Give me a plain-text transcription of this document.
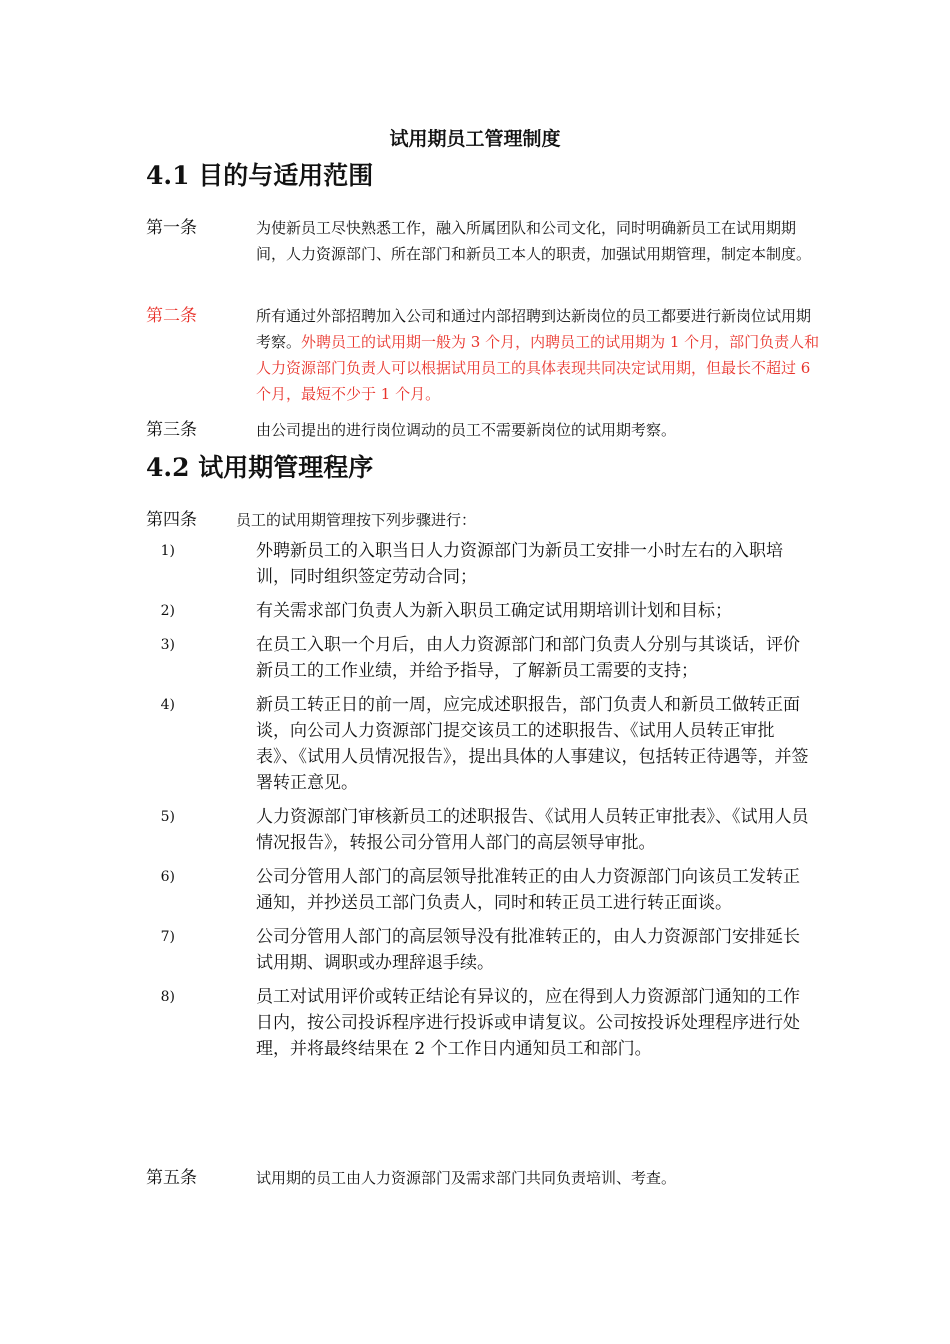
试用期员工管理制度
4.1 目的与适用范围
第一条	为使新员工尽快熟悉工作，融入所属团队和公司文化，同时明确新员工在试用期期间，人力资源部门、所在部门和新员工本人的职责，加强试用期管理，制定本制度。

第二条	所有通过外部招聘加入公司和通过内部招聘到达新岗位的员工都要进行新岗位试用期考察。外聘员工的试用期一般为 3 个月，内聘员工的试用期为 1 个月，部门负责人和人力资源部门负责人可以根据试用员工的具体表现共同决定试用期，但最长不超过 6 个月，最短不少于 1 个月。

第三条	由公司提出的进行岗位调动的员工不需要新岗位的试用期考察。

4.2 试用期管理程序
第四条	员工的试用期管理按下列步骤进行：

1)	外聘新员工的入职当日人力资源部门为新员工安排一小时左右的入职培训，同时组织签定劳动合同；
2)	有关需求部门负责人为新入职员工确定试用期培训计划和目标；
3)	在员工入职一个月后，由人力资源部门和部门负责人分别与其谈话，评价新员工的工作业绩，并给予指导，了解新员工需要的支持；
4)	新员工转正日的前一周，应完成述职报告，部门负责人和新员工做转正面谈，向公司人力资源部门提交该员工的述职报告、《试用人员转正审批表》、《试用人员情况报告》，提出具体的人事建议，包括转正待遇等，并签署转正意见。
5)	人力资源部门审核新员工的述职报告、《试用人员转正审批表》、《试用人员情况报告》，转报公司分管用人部门的高层领导审批。
6)	公司分管用人部门的高层领导批准转正的由人力资源部门向该员工发转正通知，并抄送员工部门负责人，同时和转正员工进行转正面谈。
7)	公司分管用人部门的高层领导没有批准转正的，由人力资源部门安排延长试用期、调职或办理辞退手续。
8)	员工对试用评价或转正结论有异议的，应在得到人力资源部门通知的工作日内，按公司投诉程序进行投诉或申请复议。公司按投诉处理程序进行处理，并将最终结果在 2 个工作日内通知员工和部门。
第五条	试用期的员工由人力资源部门及需求部门共同负责培训、考查。
